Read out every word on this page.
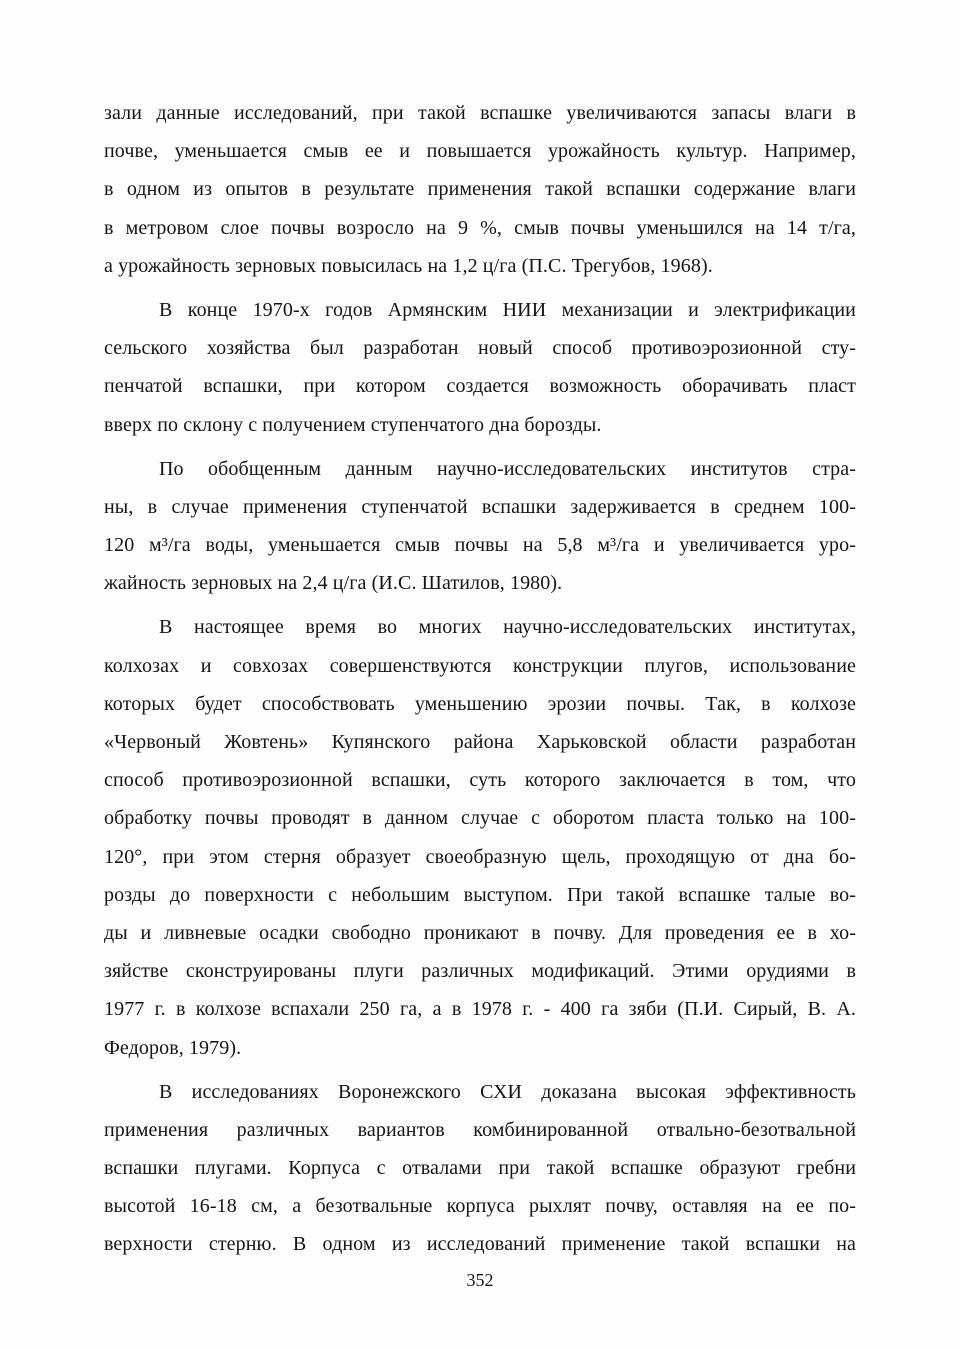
зали данные исследований, при такой вспашке увеличиваются запасы влаги в
почве, уменьшается смыв ее и повышается урожайность культур. Например,
в одном из опытов в результате применения такой вспашки содержание влаги
в метровом слое почвы возросло на 9 %, смыв почвы уменьшился на 14 т/га,
а урожайность зерновых повысилась на 1,2 ц/га (П.С. Трегубов, 1968).
В конце 1970-х годов Армянским НИИ механизации и электрификации
сельского хозяйства был разработан новый способ противоэрозионной сту-
пенчатой вспашки, при котором создается возможность оборачивать пласт
вверх по склону с получением ступенчатого дна борозды.
По обобщенным данным научно-исследовательских институтов стра-
ны, в случае применения ступенчатой вспашки задерживается в среднем 100-
120 м³/га воды, уменьшается смыв почвы на 5,8 м³/га и увеличивается уро-
жайность зерновых на 2,4 ц/га (И.С. Шатилов, 1980).
В настоящее время во многих научно-исследовательских институтах,
колхозах и совхозах совершенствуются конструкции плугов, использование
которых будет способствовать уменьшению эрозии почвы. Так, в колхозе
«Червоный Жовтень» Купянского района Харьковской области разработан
способ противоэрозионной вспашки, суть которого заключается в том, что
обработку почвы проводят в данном случае с оборотом пласта только на 100-
120°, при этом стерня образует своеобразную щель, проходящую от дна бо-
розды до поверхности с небольшим выступом. При такой вспашке талые во-
ды и ливневые осадки свободно проникают в почву. Для проведения ее в хо-
зяйстве сконструированы плуги различных модификаций. Этими орудиями в
1977 г. в колхозе вспахали 250 га, а в 1978 г. - 400 га зяби (П.И. Сирый, В. А.
Федоров, 1979).
В исследованиях Воронежского СХИ доказана высокая эффективность
применения различных вариантов комбинированной отвально-безотвальной
вспашки плугами. Корпуса с отвалами при такой вспашке образуют гребни
высотой 16-18 см, а безотвальные корпуса рыхлят почву, оставляя на ее по-
верхности стерню. В одном из исследований применение такой вспашки на
352
